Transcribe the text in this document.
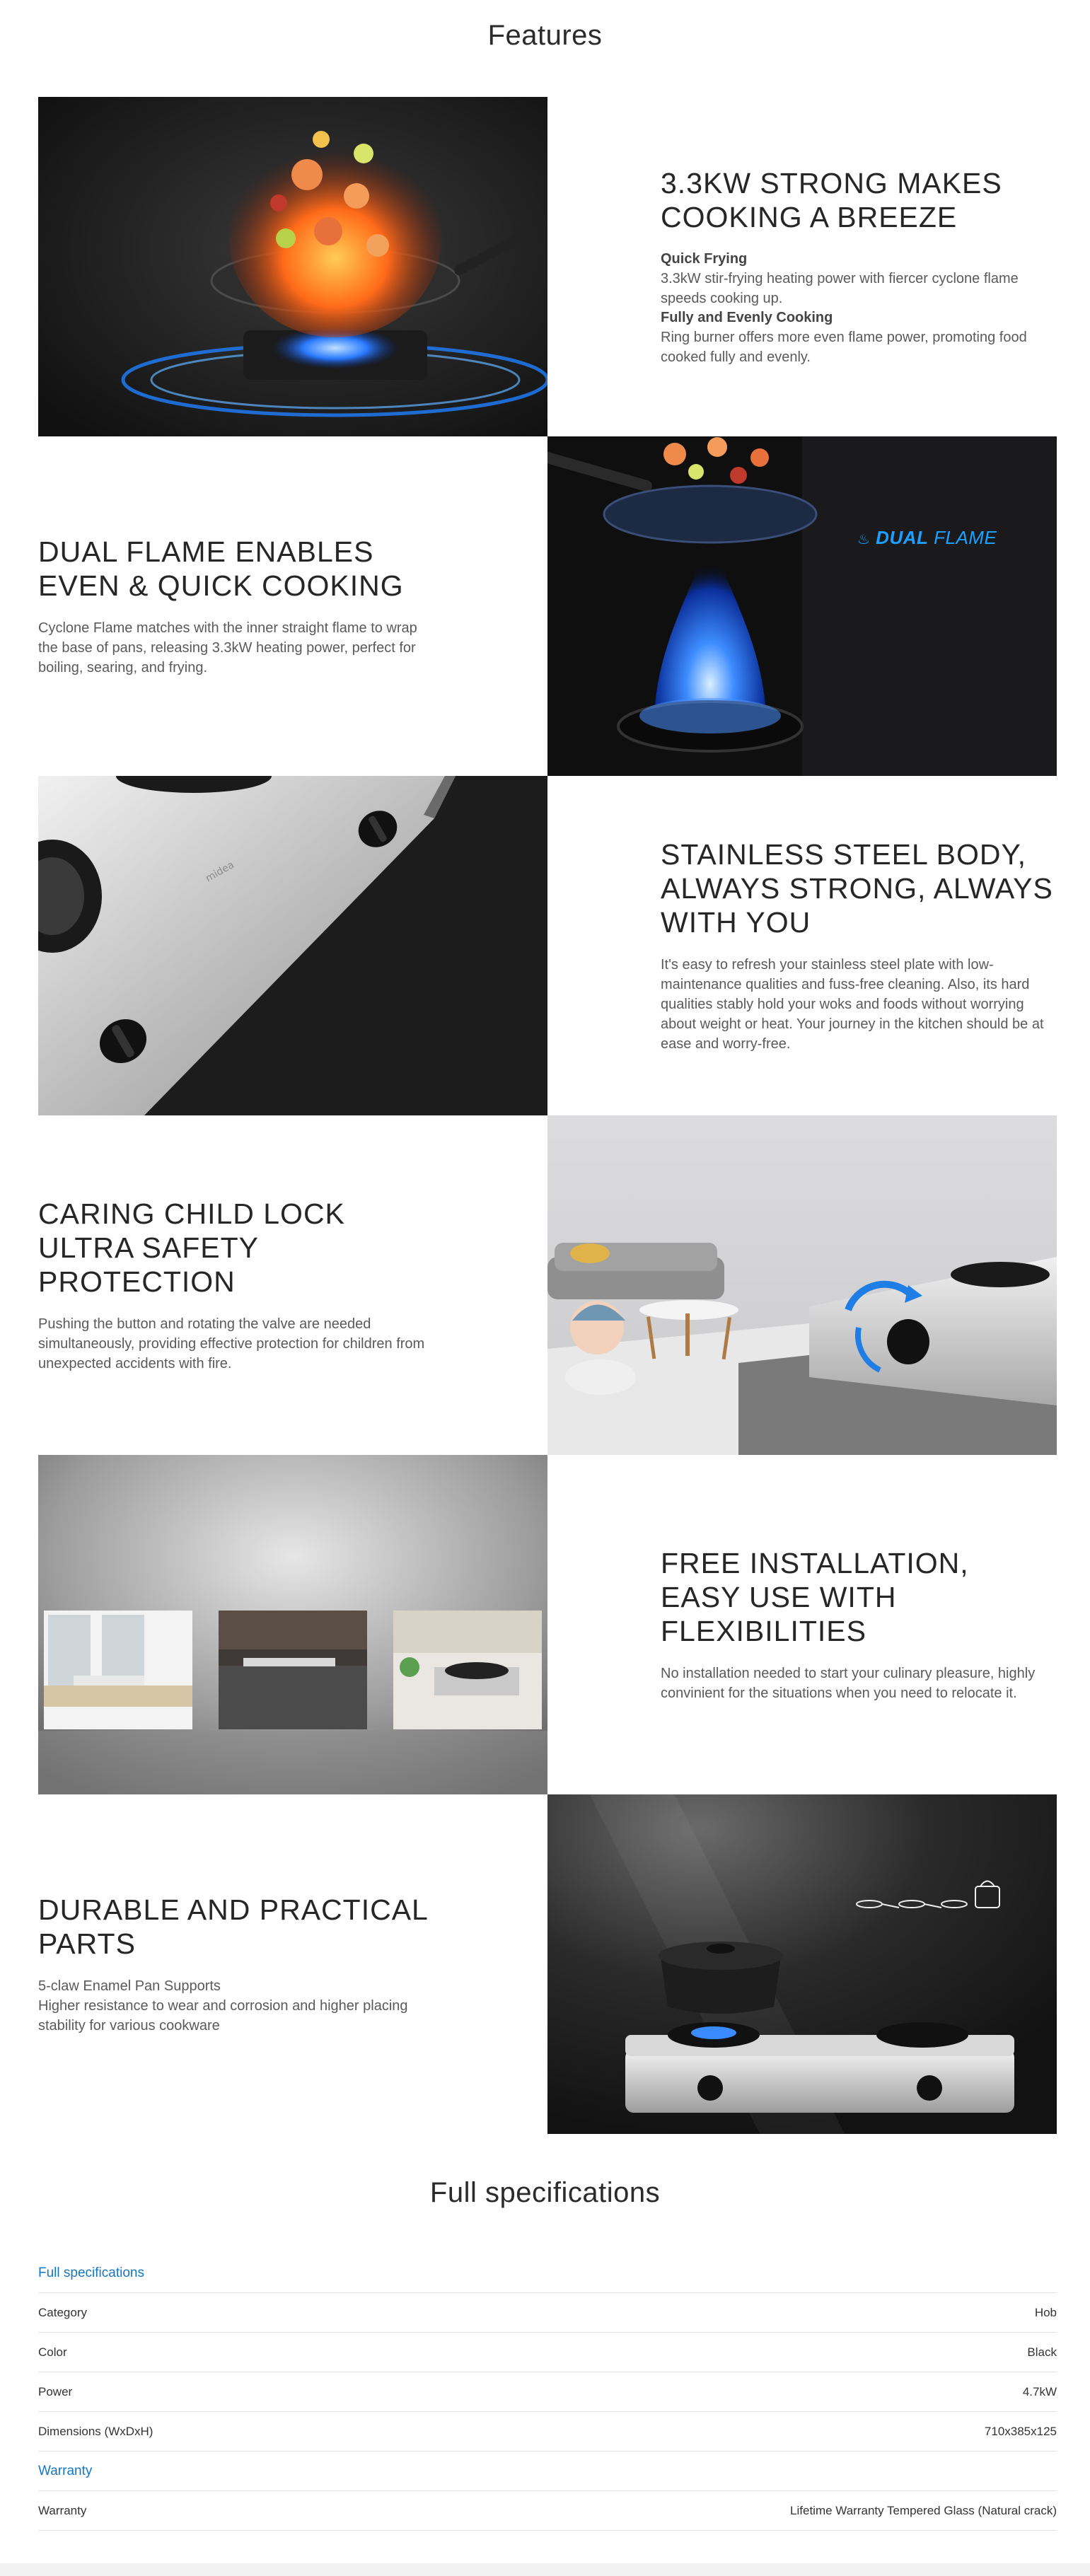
Features
3.3KW STRONG MAKES COOKING A BREEZE
Quick Frying

3.3kW stir-frying heating power with fiercer cyclone flame speeds cooking up.

Fully and Evenly Cooking

Ring burner offers more even flame power, promoting food cooked fully and evenly.

DUAL FLAME ENABLES EVEN & QUICK COOKING

Cyclone Flame matches with the inner straight flame to wrap the base of pans, releasing 3.3kW heating power, perfect for boiling, searing, and frying.

♨ DUAL FLAME
midea
STAINLESS STEEL BODY, ALWAYS STRONG, ALWAYS WITH YOU

It's easy to refresh your stainless steel plate with low-maintenance qualities and fuss-free cleaning. Also, its hard qualities stably hold your woks and foods without worrying about weight or heat. Your journey in the kitchen should be at ease and worry-free.

CARING CHILD LOCK ULTRA SAFETY PROTECTION

Pushing the button and rotating the valve are needed simultaneously, providing effective protection for children from unexpected accidents with fire.

FREE INSTALLATION, EASY USE WITH FLEXIBILITIES

No installation needed to start your culinary pleasure, highly convinient for the situations when you need to relocate it.

DURABLE AND PRACTICAL PARTS

5-claw Enamel Pan Supports

Higher resistance to wear and corrosion and higher placing stability for various cookware

Full specifications
Full specifications
Category	Hob
Color	Black
Power	4.7kW
Dimensions (WxDxH)	710x385x125
Warranty
Warranty	Lifetime Warranty Tempered Glass (Natural crack)
